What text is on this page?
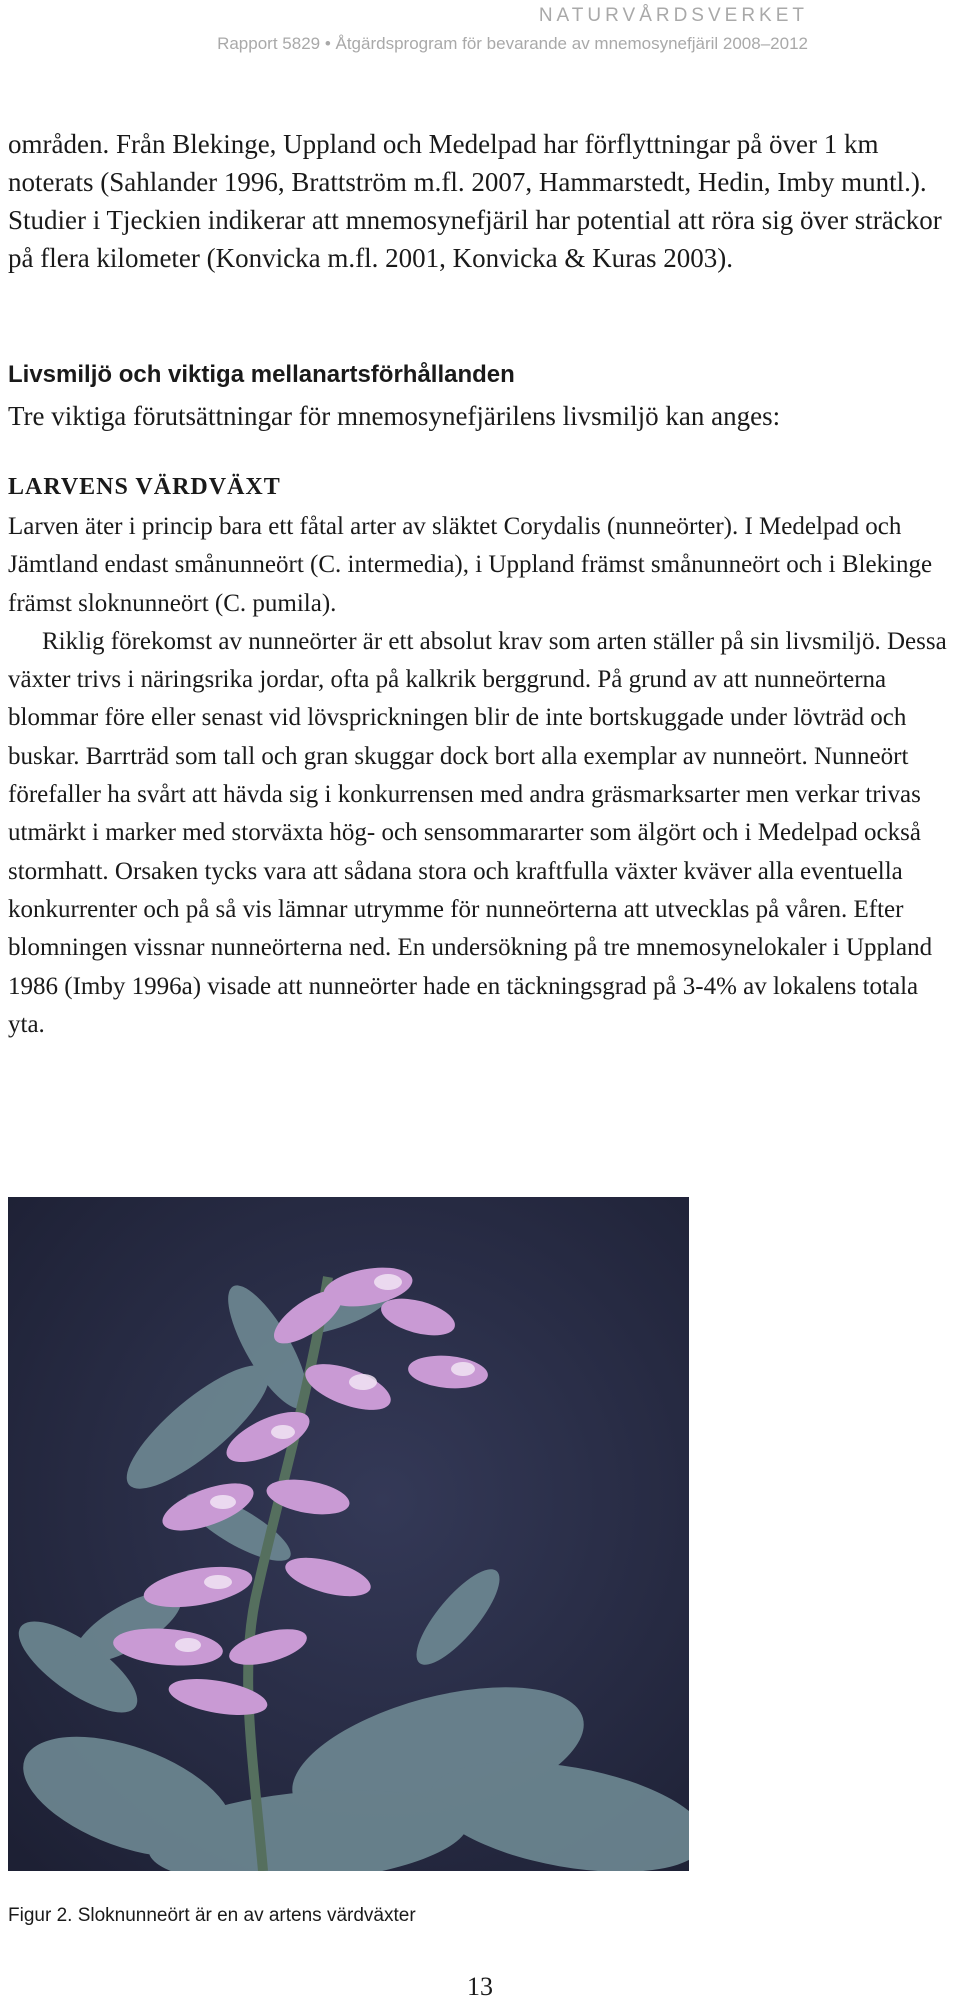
NATURVÅRDSVERKET
Rapport 5829 • Åtgärdsprogram för bevarande av mnemosynefjäril 2008–2012

områden. Från Blekinge, Uppland och Medelpad har förflyttningar på över 1 km noterats (Sahlander 1996, Brattström m.fl. 2007, Hammarstedt, Hedin, Imby muntl.). Studier i Tjeckien indikerar att mnemosynefjäril har potential att röra sig över sträckor på flera kilometer (Konvicka m.fl. 2001, Konvicka & Kuras 2003).

Livsmiljö och viktiga mellanartsförhållanden

Tre viktiga förutsättningar för mnemosynefjärilens livsmiljö kan anges:

LARVENS VÄRDVÄXT

Larven äter i princip bara ett fåtal arter av släktet Corydalis (nunneörter). I Medelpad och Jämtland endast smånunneört (C. intermedia), i Uppland främst smånunneört och i Blekinge främst sloknunneört (C. pumila).

Riklig förekomst av nunneörter är ett absolut krav som arten ställer på sin livsmiljö. Dessa växter trivs i näringsrika jordar, ofta på kalkrik berggrund. På grund av att nunneörterna blommar före eller senast vid lövsprickningen blir de inte bortskuggade under lövträd och buskar. Barrträd som tall och gran skuggar dock bort alla exemplar av nunneört. Nunneört förefaller ha svårt att hävda sig i konkurrensen med andra gräsmarksarter men verkar trivas utmärkt i marker med storväxta hög- och sensommararter som älgört och i Medelpad också stormhatt. Orsaken tycks vara att sådana stora och kraftfulla växter kväver alla eventuella konkurrenter och på så vis lämnar utrymme för nunneörterna att utvecklas på våren. Efter blomningen vissnar nunneörterna ned. En undersökning på tre mnemosynelokaler i Uppland 1986 (Imby 1996a) visade att nunneörter hade en täckningsgrad på 3-4% av lokalens totala yta.

Figur 2. Sloknunneört är en av artens värdväxter

13
